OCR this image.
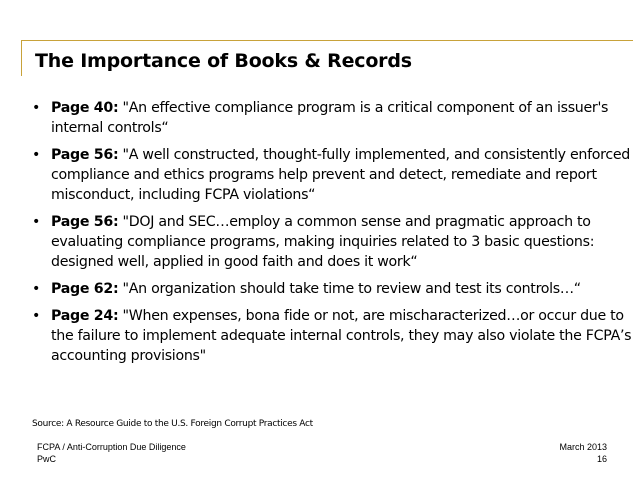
The Importance of Books & Records
• Page 40: "An effective compliance program is a critical component of an issuer's internal controls“
• Page 56: "A well constructed, thought-fully implemented, and consistently enforced compliance and ethics programs help prevent and detect, remediate and report misconduct, including FCPA violations“
• Page 56: "DOJ and SEC…employ a common sense and pragmatic approach to evaluating compliance programs, making inquiries related to 3 basic questions: designed well, applied in good faith and does it work“
• Page 62: "An organization should take time to review and test its controls…“
• Page 24: "When expenses, bona fide or not, are mischaracterized…or occur due to the failure to implement adequate internal controls, they may also violate the FCPA’s accounting provisions"
Source: A Resource Guide to the U.S. Foreign Corrupt Practices Act
FCPA / Anti-Corruption Due Diligence
PwC
March 2013
16
